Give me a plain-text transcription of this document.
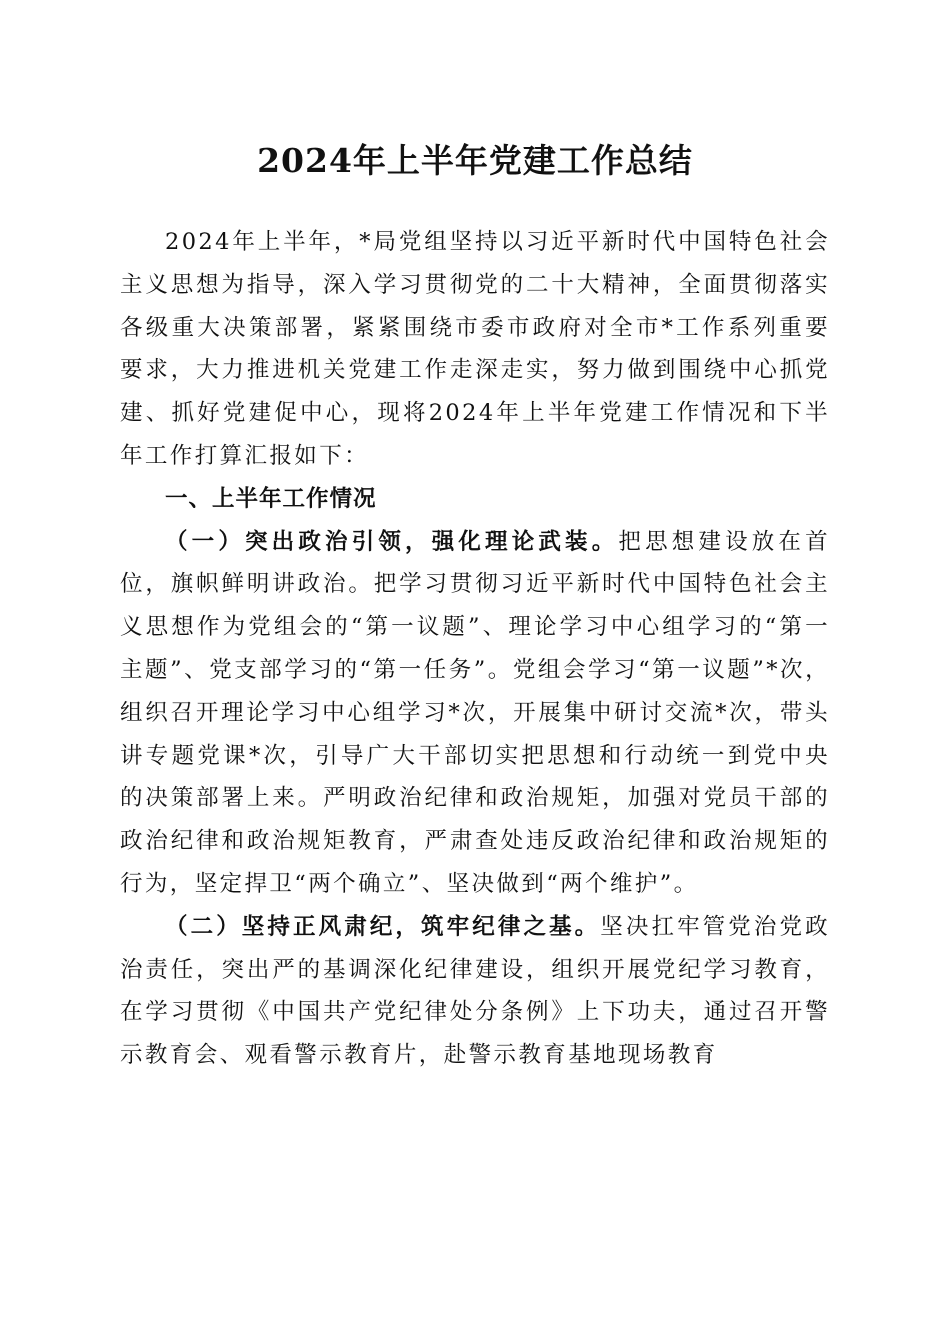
2024年上半年党建工作总结

2024年上半年，*局党组坚持以习近平新时代中国特色社会主义思想为指导，深入学习贯彻党的二十大精神，全面贯彻落实各级重大决策部署，紧紧围绕市委市政府对全市*工作系列重要要求，大力推进机关党建工作走深走实，努力做到围绕中心抓党建、抓好党建促中心，现将2024年上半年党建工作情况和下半年工作打算汇报如下：

一、上半年工作情况

（一）突出政治引领，强化理论武装。把思想建设放在首位，旗帜鲜明讲政治。把学习贯彻习近平新时代中国特色社会主义思想作为党组会的“第一议题”、理论学习中心组学习的“第一主题”、党支部学习的“第一任务”。党组会学习“第一议题”*次，组织召开理论学习中心组学习*次，开展集中研讨交流*次，带头讲专题党课*次，引导广大干部切实把思想和行动统一到党中央的决策部署上来。严明政治纪律和政治规矩，加强对党员干部的政治纪律和政治规矩教育，严肃查处违反政治纪律和政治规矩的行为，坚定捍卫“两个确立”、坚决做到“两个维护”。

（二）坚持正风肃纪，筑牢纪律之基。坚决扛牢管党治党政治责任，突出严的基调深化纪律建设，组织开展党纪学习教育，在学习贯彻《中国共产党纪律处分条例》上下功夫，通过召开警示教育会、观看警示教育片，赴警示教育基地现场教育
